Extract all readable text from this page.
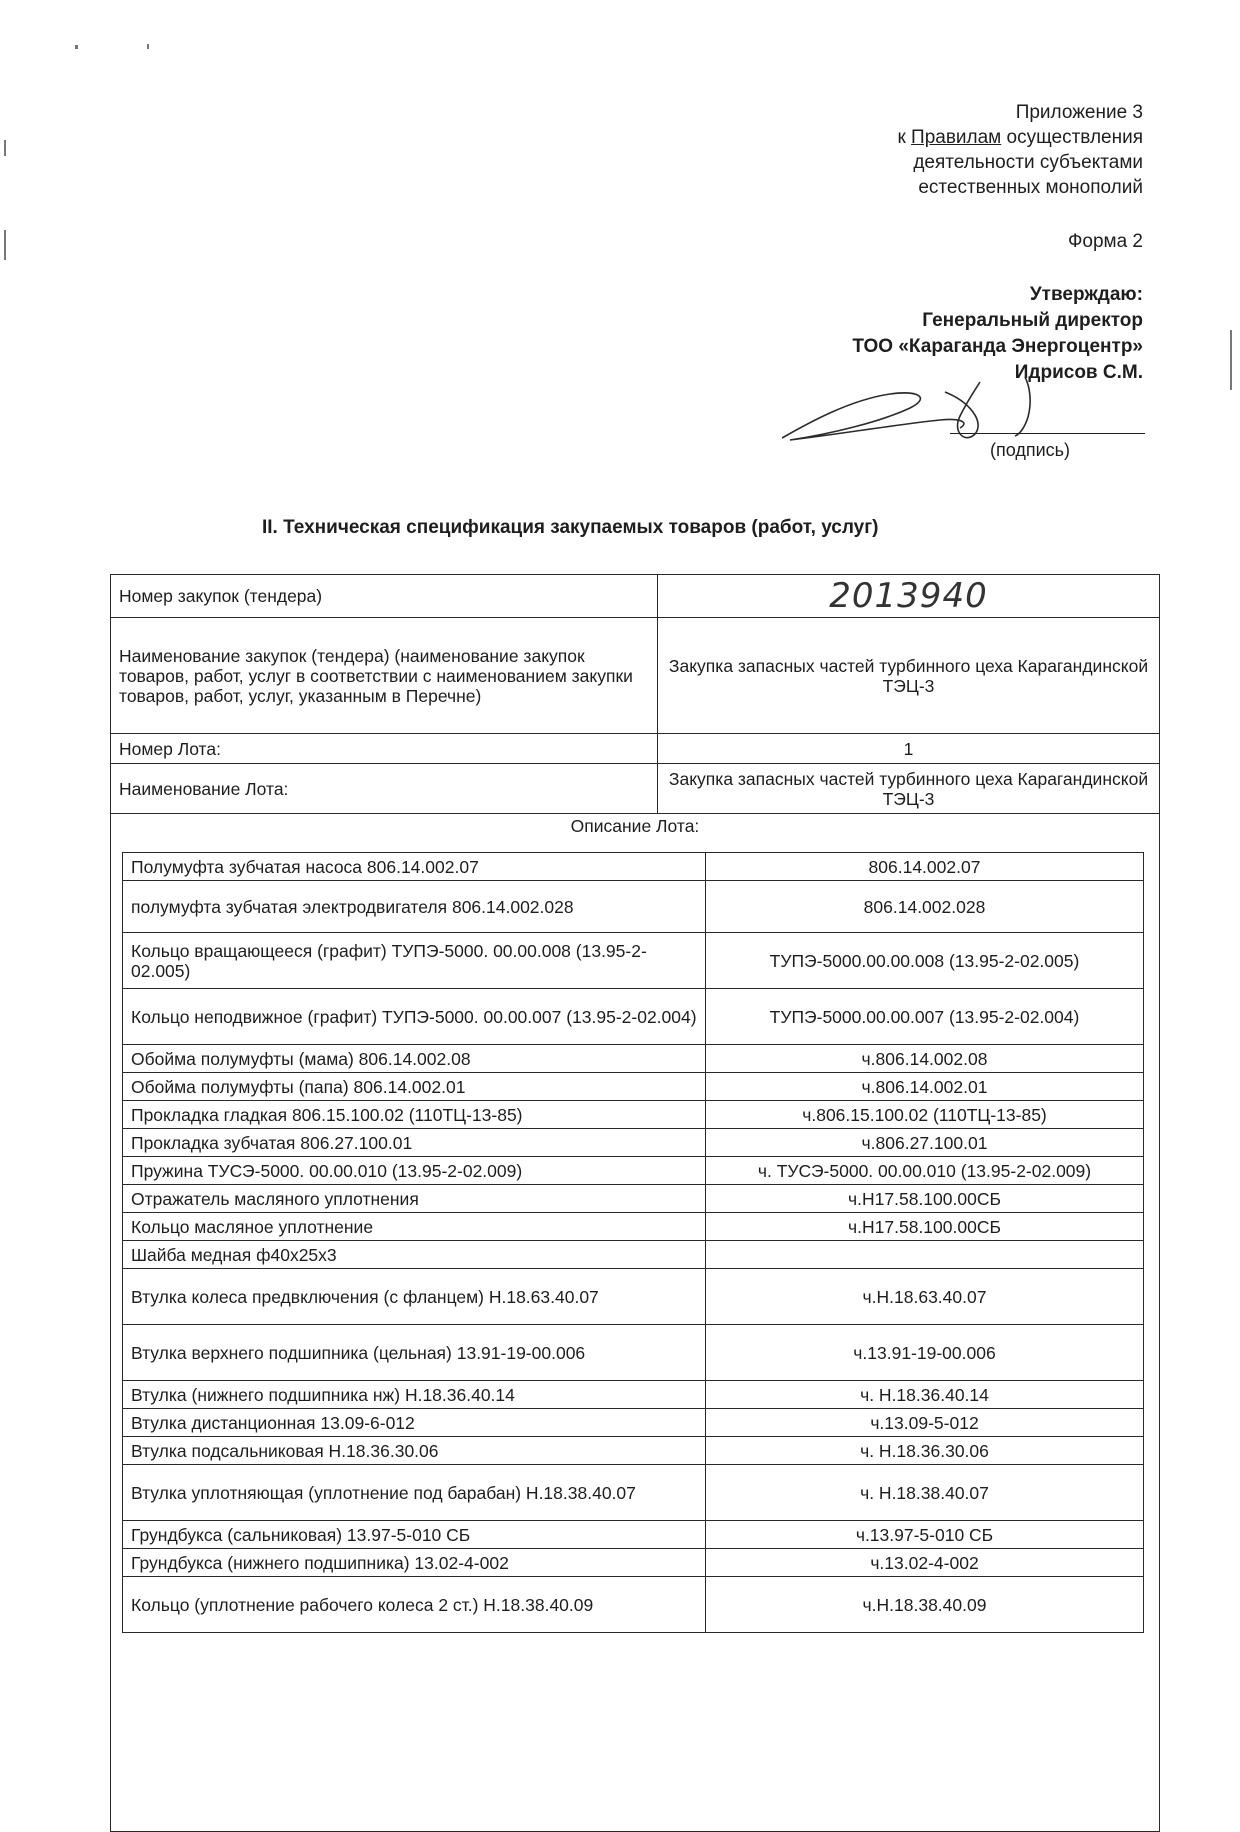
Приложение 3
к Правилам осуществления
деятельности субъектами
естественных монополий
Форма 2
Утверждаю:
Генеральный директор
ТОО «Караганда Энергоцентр»
Идрисов С.М.
(подпись)
II. Техническая спецификация закупаемых товаров (работ, услуг)
Номер закупок (тендера)	2013940
Наименование закупок (тендера) (наименование закупок товаров, работ, услуг в соответствии с наименованием закупки товаров, работ, услуг, указанным в Перечне)	Закупка запасных частей турбинного цеха Карагандинской ТЭЦ-3
Номер Лота:	1
Наименование Лота:	Закупка запасных частей турбинного цеха Карагандинской ТЭЦ-3
Описание Лота:	
Полумуфта зубчатая насоса 806.14.002.07	806.14.002.07
полумуфта зубчатая электродвигателя 806.14.002.028	806.14.002.028
Кольцо вращающееся (графит) ТУПЭ-5000. 00.00.008 (13.95-2-02.005)	ТУПЭ-5000.00.00.008 (13.95-2-02.005)
Кольцо неподвижное (графит) ТУПЭ-5000. 00.00.007 (13.95-2-02.004)	ТУПЭ-5000.00.00.007 (13.95-2-02.004)
Обойма полумуфты (мама) 806.14.002.08	ч.806.14.002.08
Обойма полумуфты (папа) 806.14.002.01	ч.806.14.002.01
Прокладка гладкая 806.15.100.02 (110ТЦ-13-85)	ч.806.15.100.02 (110ТЦ-13-85)
Прокладка зубчатая 806.27.100.01	ч.806.27.100.01
Пружина ТУСЭ-5000. 00.00.010 (13.95-2-02.009)	ч. ТУСЭ-5000. 00.00.010 (13.95-2-02.009)
Отражатель масляного уплотнения	ч.Н17.58.100.00СБ
Кольцо масляное уплотнение	ч.Н17.58.100.00СБ
Шайба медная ф40х25х3	
Втулка колеса предвключения (с фланцем) Н.18.63.40.07	ч.Н.18.63.40.07
Втулка верхнего подшипника (цельная) 13.91-19-00.006	ч.13.91-19-00.006
Втулка (нижнего подшипника нж) Н.18.36.40.14	ч. Н.18.36.40.14
Втулка дистанционная 13.09-6-012	ч.13.09-5-012
Втулка подсальниковая Н.18.36.30.06	ч. Н.18.36.30.06
Втулка уплотняющая (уплотнение под барабан) Н.18.38.40.07	ч. Н.18.38.40.07
Грундбукса (сальниковая) 13.97-5-010 СБ	ч.13.97-5-010 СБ
Грундбукса (нижнего подшипника) 13.02-4-002	ч.13.02-4-002
Кольцо (уплотнение рабочего колеса 2 ст.) Н.18.38.40.09	ч.Н.18.38.40.09
